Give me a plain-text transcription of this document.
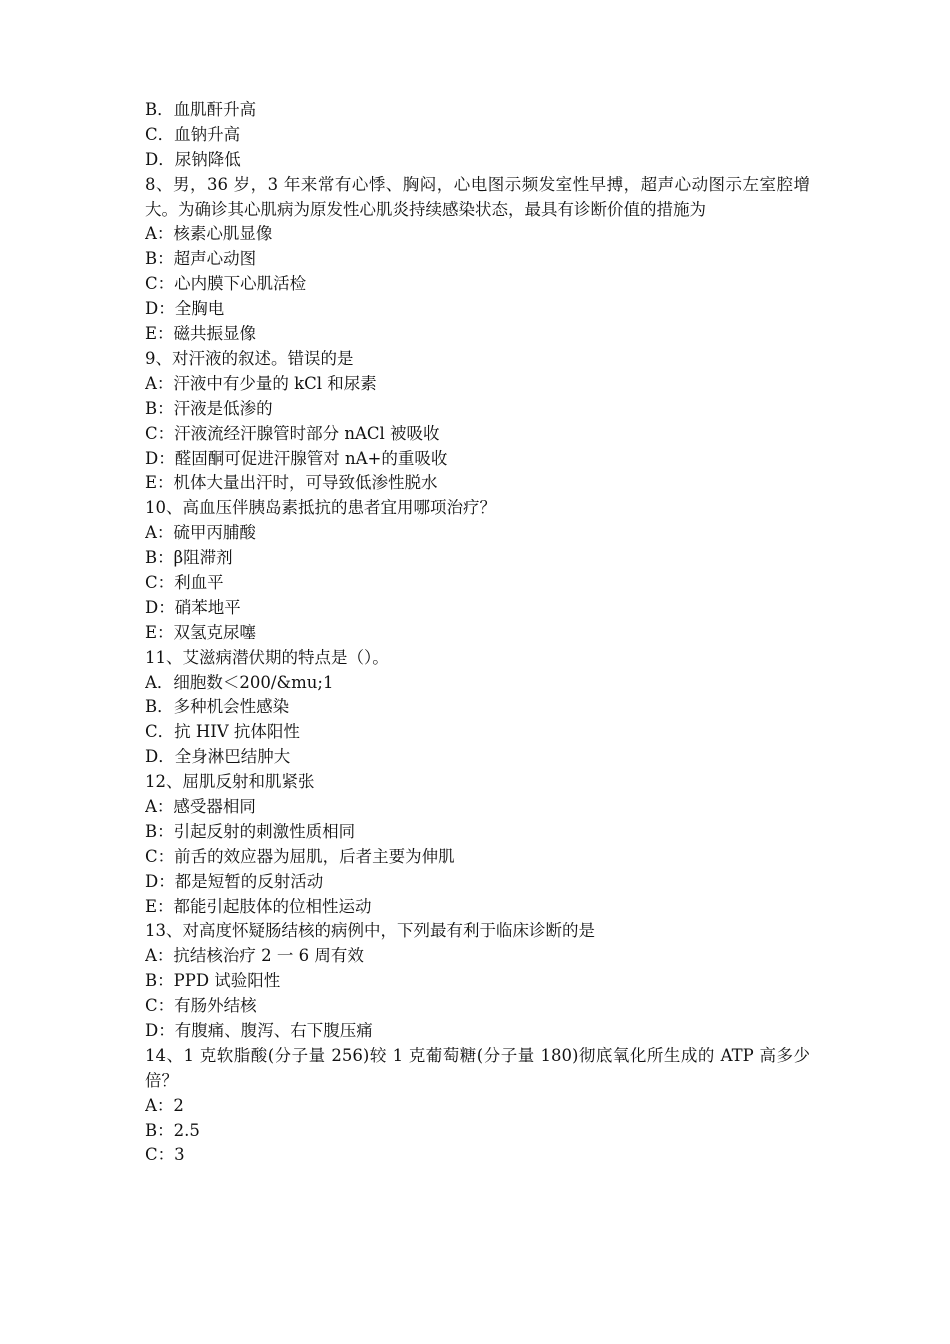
B．血肌酐升高
C．血钠升高
D．尿钠降低
8、男，36 岁，3 年来常有心悸、胸闷，心电图示频发室性早搏，超声心动图示左室腔增大。为确诊其心肌病为原发性心肌炎持续感染状态，最具有诊断价值的措施为
A：核素心肌显像
B：超声心动图
C：心内膜下心肌活检
D：全胸电
E：磁共振显像
9、对汗液的叙述。错误的是
A：汗液中有少量的 kCl 和尿素
B：汗液是低渗的
C：汗液流经汗腺管时部分 nACl 被吸收
D：醛固酮可促进汗腺管对 nA+的重吸收
E：机体大量出汗时，可导致低渗性脱水
10、高血压伴胰岛素抵抗的患者宜用哪项治疗？
A：硫甲丙脯酸
B：β阻滞剂
C：利血平
D：硝苯地平
E：双氢克尿噻
11、艾滋病潜伏期的特点是（）。
A．细胞数＜200/&mu;1
B．多种机会性感染
C．抗 HIV 抗体阳性
D．全身淋巴结肿大
12、屈肌反射和肌紧张
A：感受器相同
B：引起反射的刺激性质相同
C：前舌的效应器为屈肌，后者主要为伸肌
D：都是短暂的反射活动
E：都能引起肢体的位相性运动
13、对高度怀疑肠结核的病例中，下列最有利于临床诊断的是
A：抗结核治疗 2 一 6 周有效
B：PPD 试验阳性
C：有肠外结核
D：有腹痛、腹泻、右下腹压痛
14、1 克软脂酸(分子量 256)较 1 克葡萄糖(分子量 180)彻底氧化所生成的 ATP 高多少倍？
A：2
B：2.5
C：3
